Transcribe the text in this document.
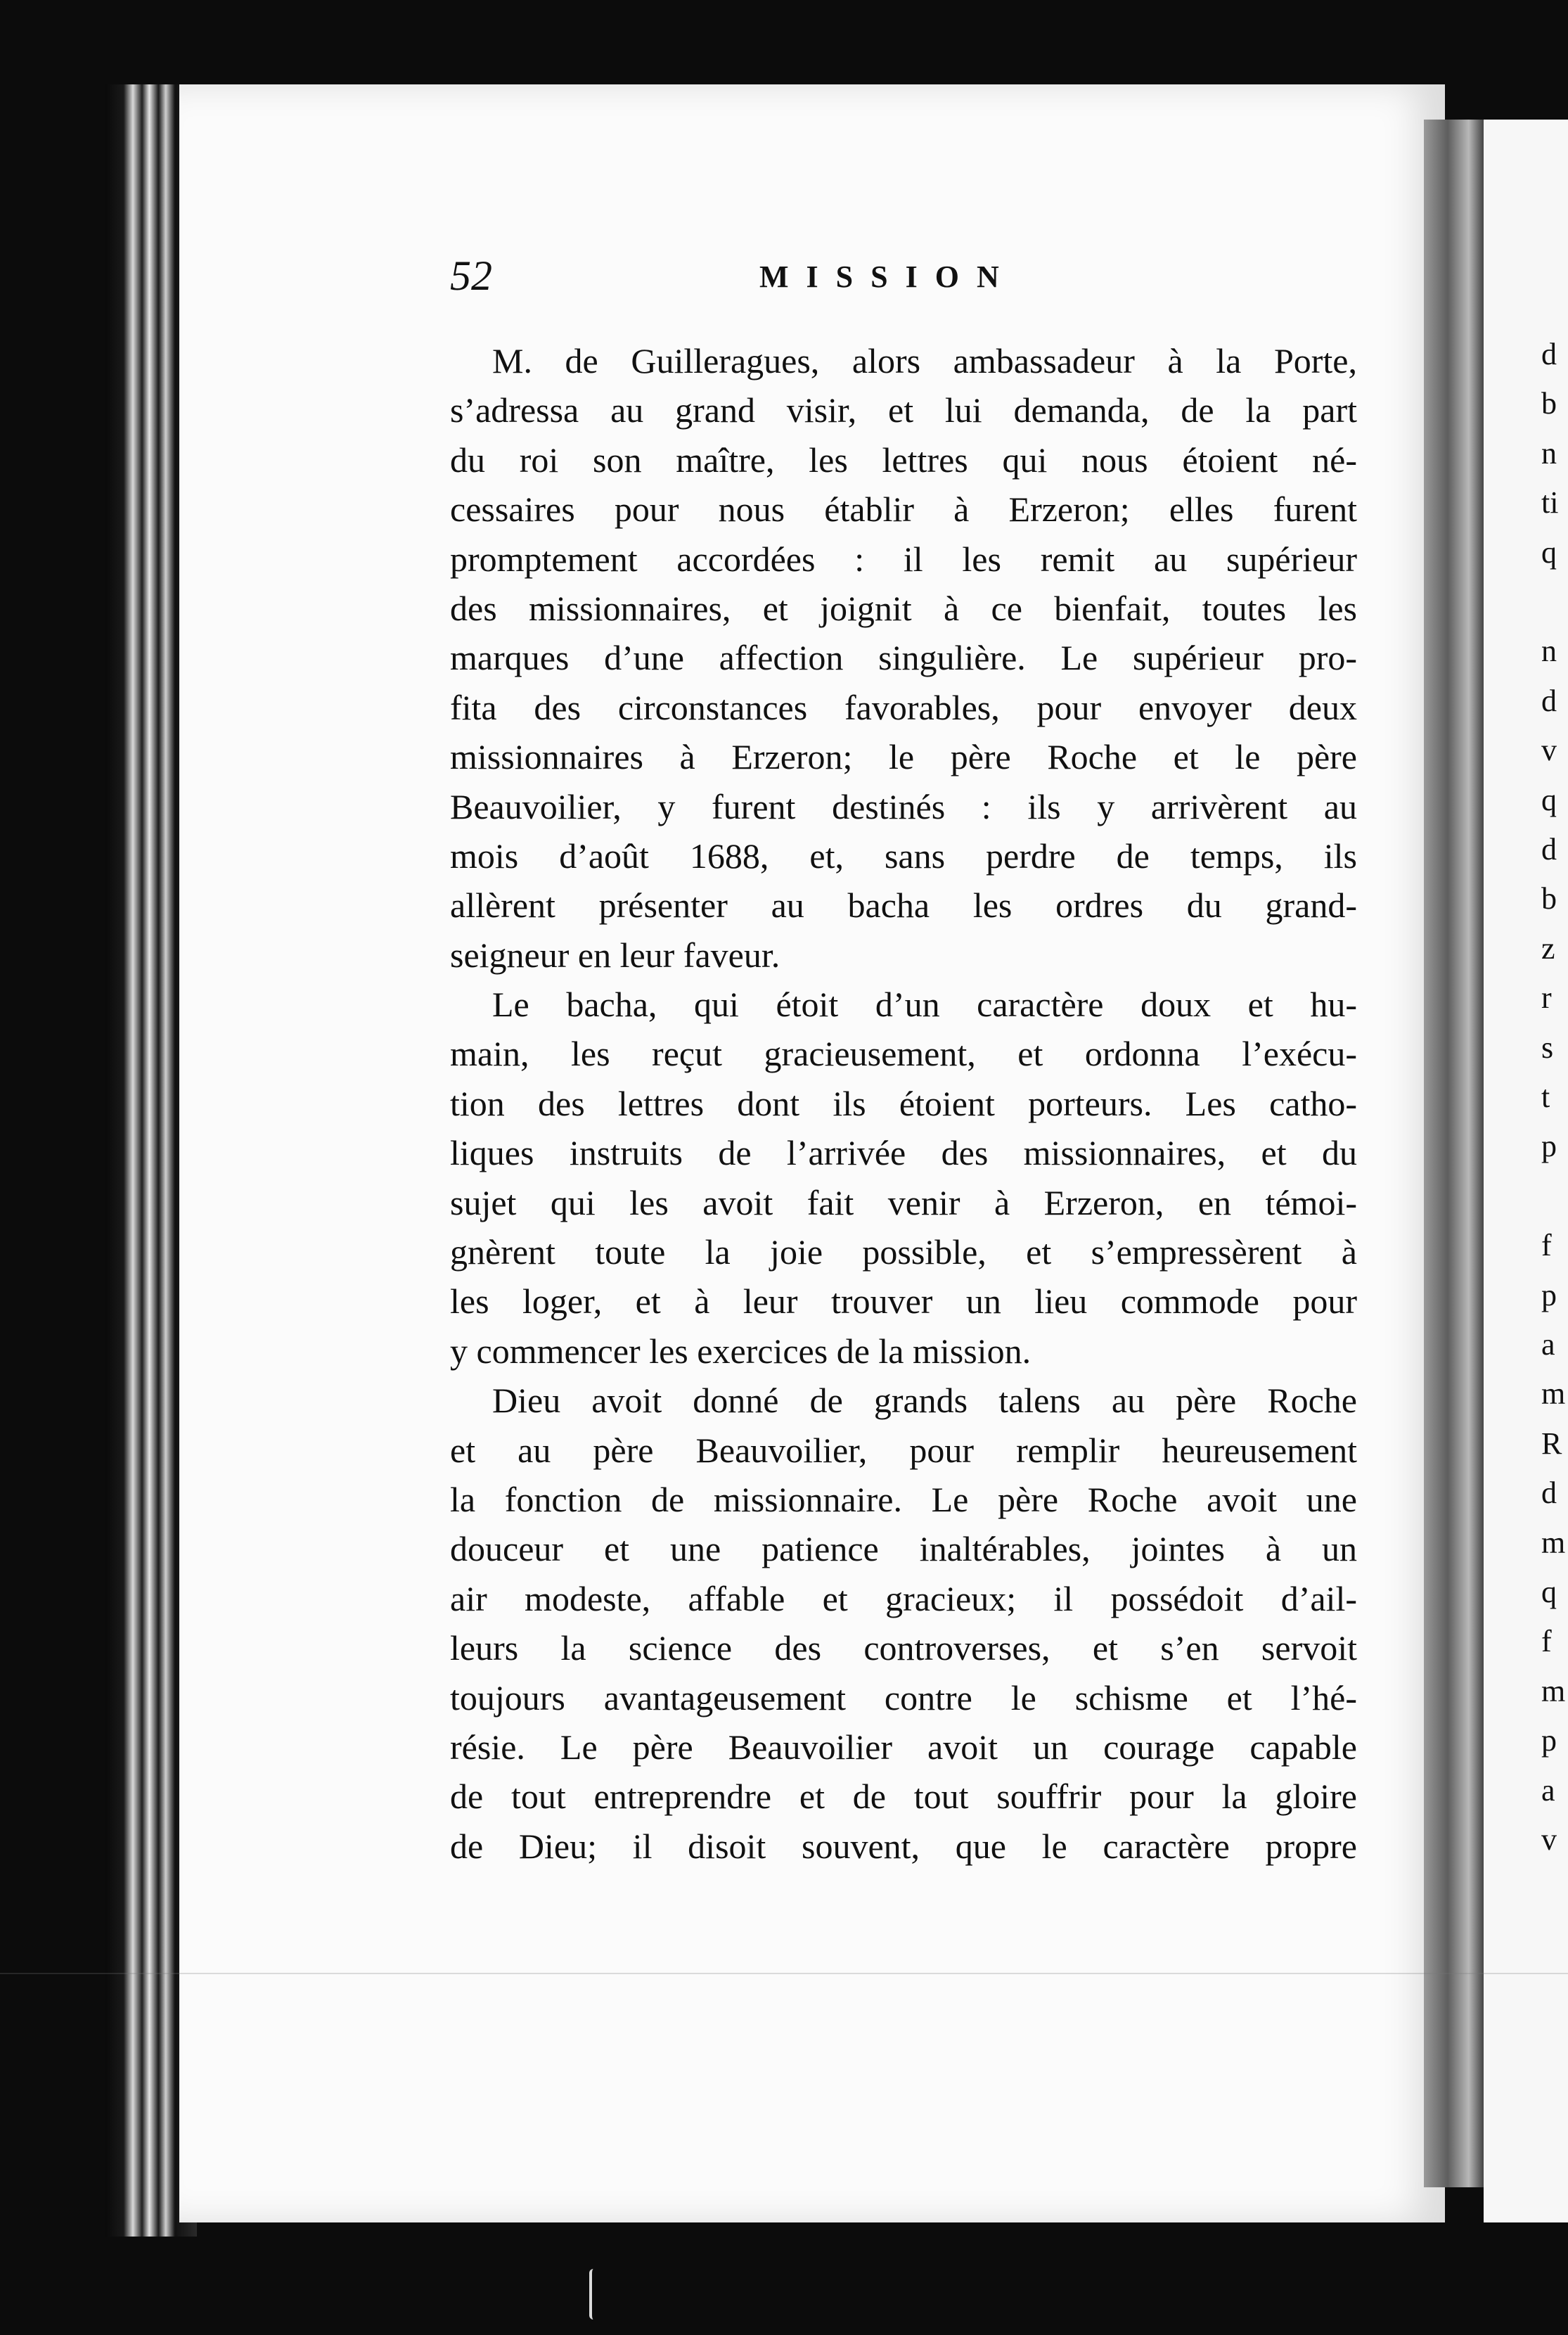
d
b
n
ti
q
n
d
v
q
d
b
z
r
s
t
p
f
p
a
m
R
d
m
q
f
m
p
a
v
52	MISSION
M. de Guilleragues, alors ambassadeur à la Porte,
s’adressa au grand visir, et lui demanda, de la part
du roi son maître, les lettres qui nous étoient né-
cessaires pour nous établir à Erzeron; elles furent
promptement accordées : il les remit au supérieur
des missionnaires, et joignit à ce bienfait, toutes les
marques d’une affection singulière. Le supérieur pro-
fita des circonstances favorables, pour envoyer deux
missionnaires à Erzeron; le père Roche et le père
Beauvoilier, y furent destinés : ils y arrivèrent au
mois d’août 1688, et, sans perdre de temps, ils
allèrent présenter au bacha les ordres du grand-
seigneur en leur faveur.
Le bacha, qui étoit d’un caractère doux et hu-
main, les reçut gracieusement, et ordonna l’exécu-
tion des lettres dont ils étoient porteurs. Les catho-
liques instruits de l’arrivée des missionnaires, et du
sujet qui les avoit fait venir à Erzeron, en témoi-
gnèrent toute la joie possible, et s’empressèrent à
les loger, et à leur trouver un lieu commode pour
y commencer les exercices de la mission.
Dieu avoit donné de grands talens au père Roche
et au père Beauvoilier, pour remplir heureusement
la fonction de missionnaire. Le père Roche avoit une
douceur et une patience inaltérables, jointes à un
air modeste, affable et gracieux; il possédoit d’ail-
leurs la science des controverses, et s’en servoit
toujours avantageusement contre le schisme et l’hé-
résie. Le père Beauvoilier avoit un courage capable
de tout entreprendre et de tout souffrir pour la gloire
de Dieu; il disoit souvent, que le caractère propre
